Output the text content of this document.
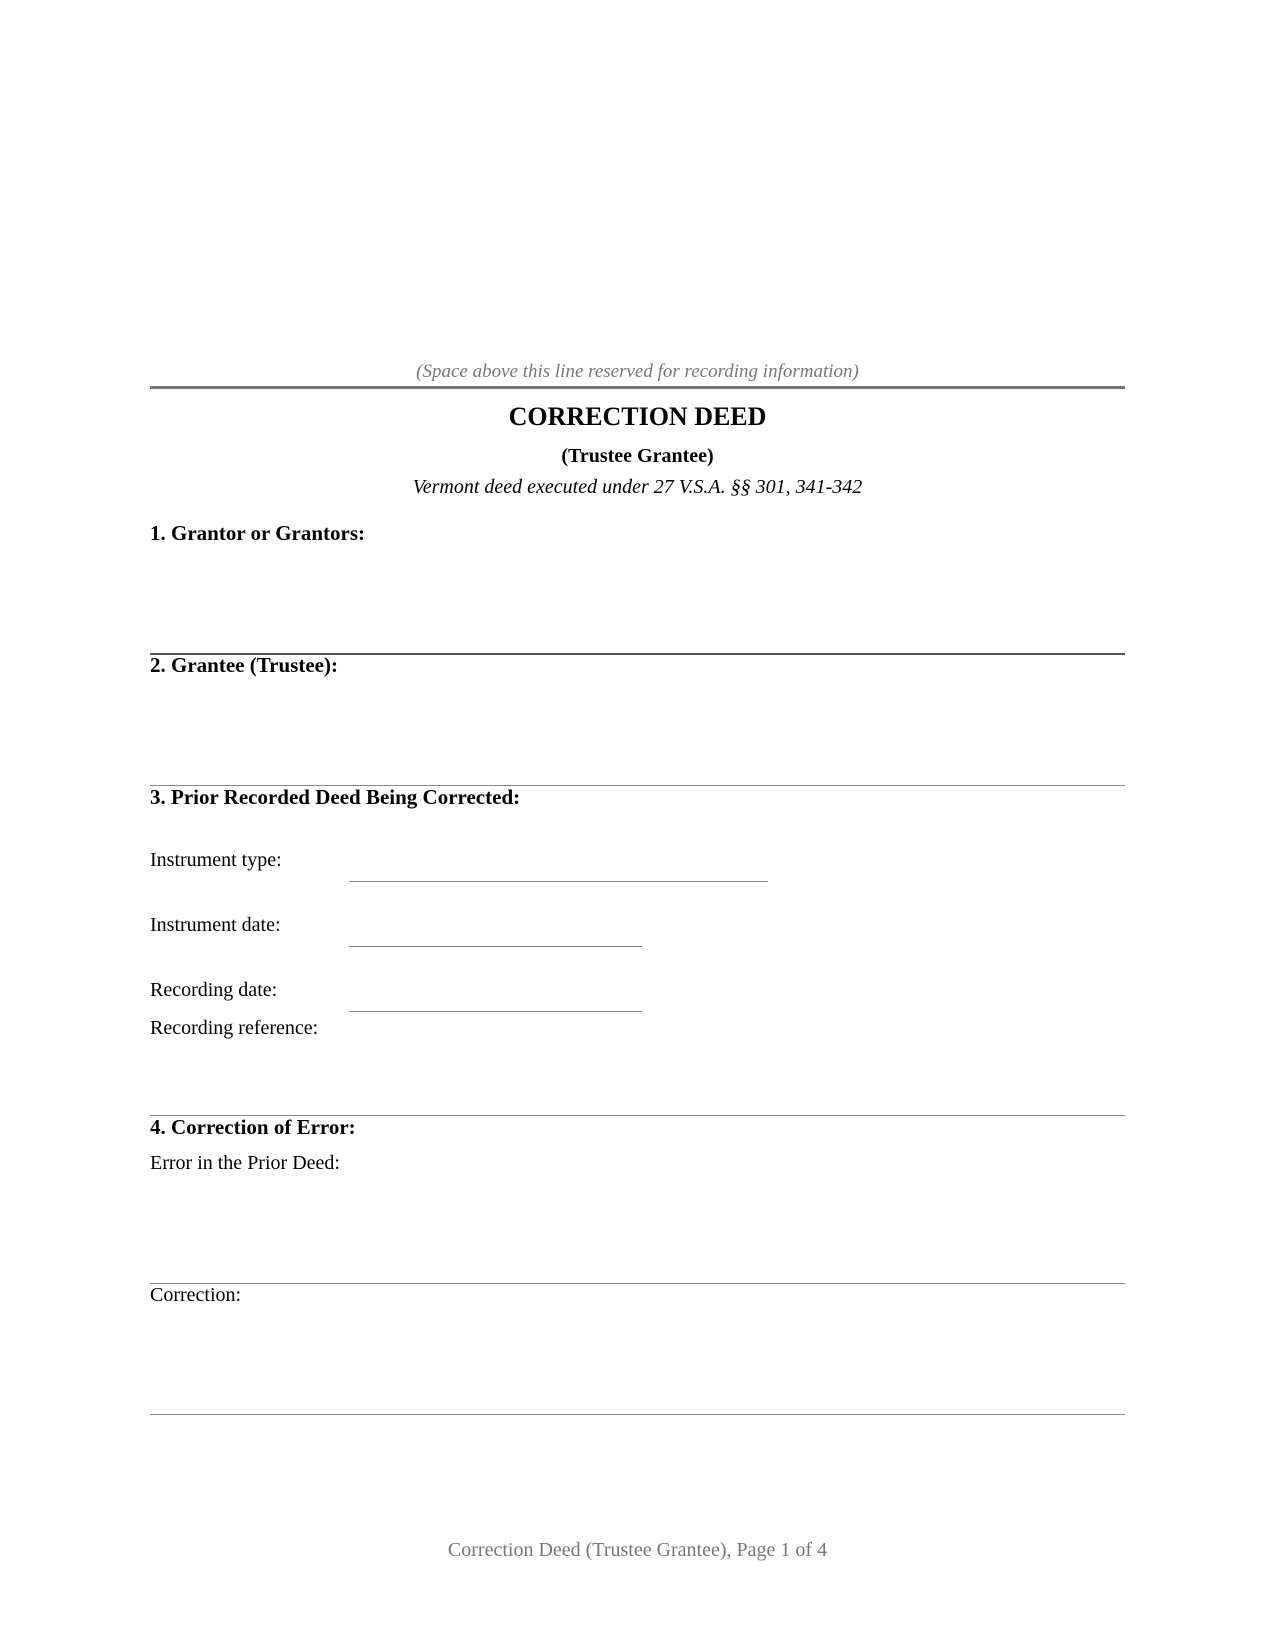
(Space above this line reserved for recording information)
CORRECTION DEED
(Trustee Grantee)
Vermont deed executed under 27 V.S.A. §§ 301, 341-342
1. Grantor or Grantors:
2. Grantee (Trustee):
3. Prior Recorded Deed Being Corrected:
Instrument type:
Instrument date:
Recording date:
Recording reference:
4. Correction of Error:
Error in the Prior Deed:
Correction:
Correction Deed (Trustee Grantee), Page 1 of 4
